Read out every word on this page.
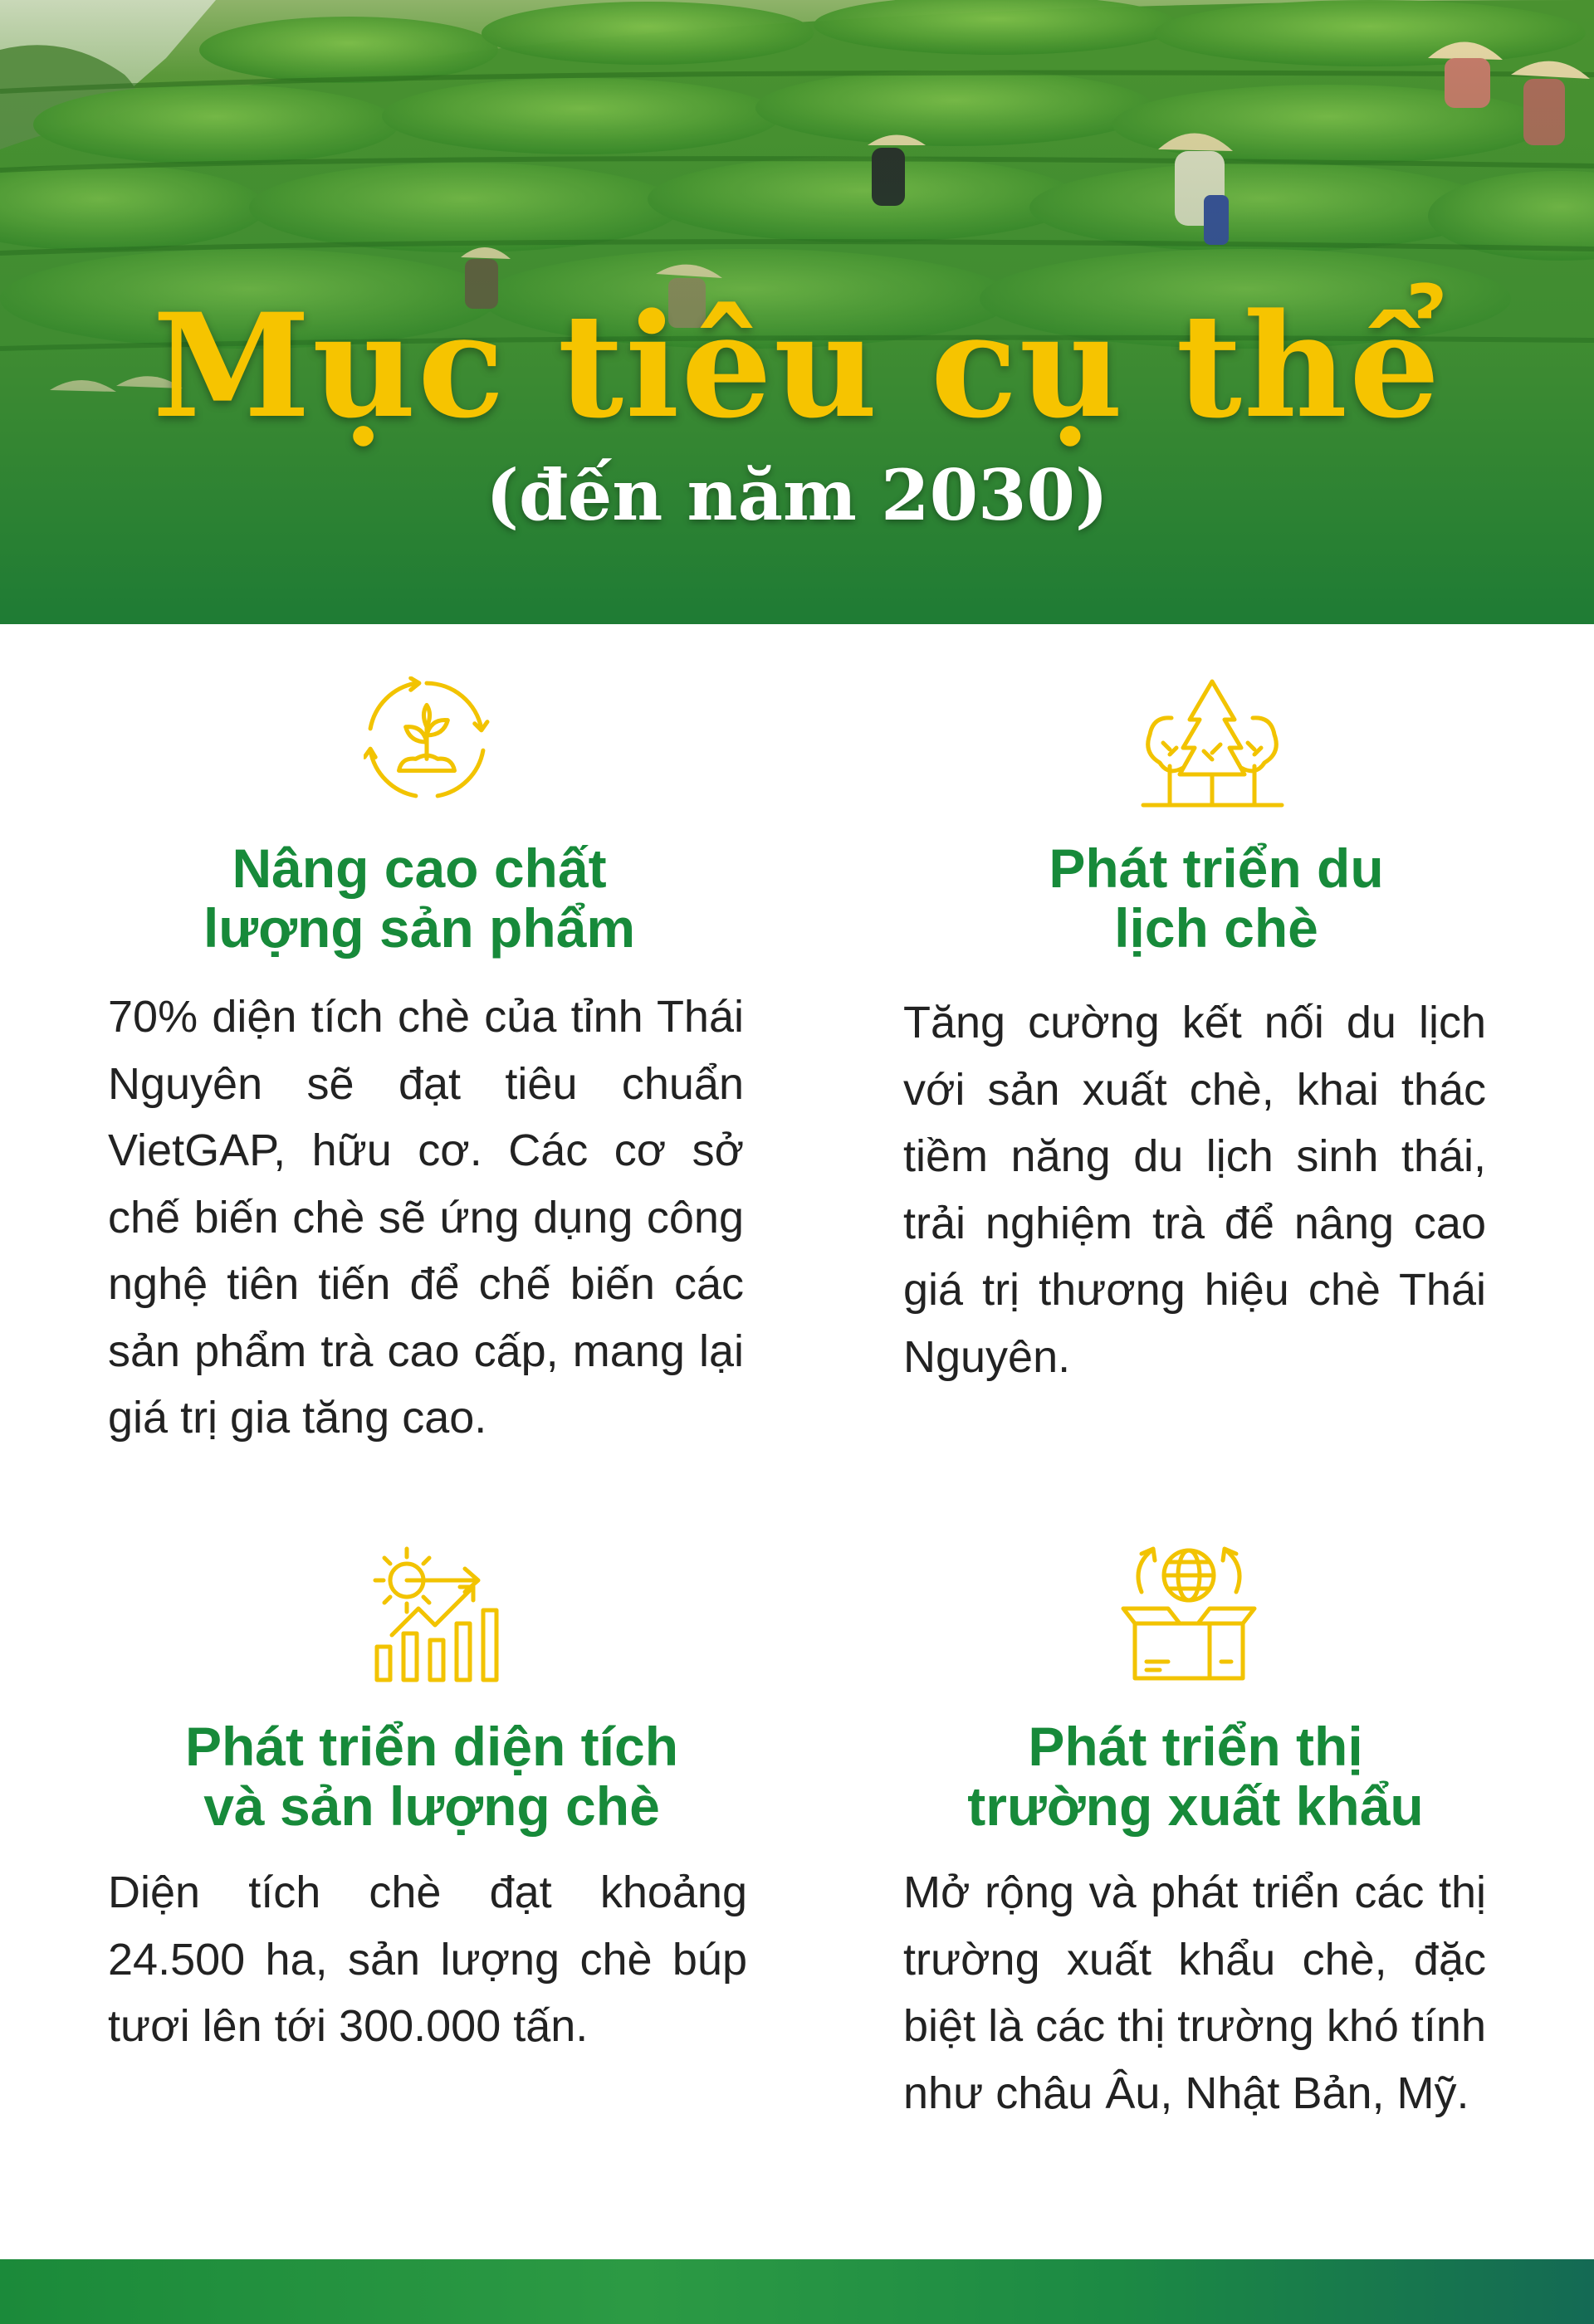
Mục tiêu cụ thể
(đến năm 2030)
Nâng cao chất
lượng sản phẩm

70% diện tích chè của tỉnh Thái Nguyên sẽ đạt tiêu chuẩn VietGAP, hữu cơ. Các cơ sở chế biến chè sẽ ứng dụng công nghệ tiên tiến để chế biến các sản phẩm trà cao cấp, mang lại giá trị gia tăng cao.

Phát triển du
lịch chè

Tăng cường kết nối du lịch với sản xuất chè, khai thác tiềm năng du lịch sinh thái, trải nghiệm trà để nâng cao giá trị thương hiệu chè Thái Nguyên.

Phát triển diện tích
và sản lượng chè

Diện tích chè đạt khoảng 24.500 ha, sản lượng chè búp tươi lên tới 300.000 tấn.

Phát triển thị
trường xuất khẩu

Mở rộng và phát triển các thị trường xuất khẩu chè, đặc biệt là các thị trường khó tính như châu Âu, Nhật Bản, Mỹ.
